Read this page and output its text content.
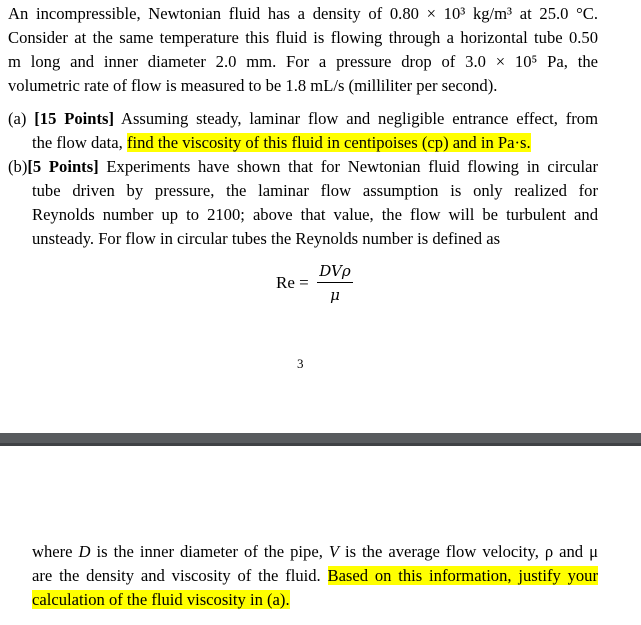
An incompressible, Newtonian fluid has a density of 0.80 × 10³ kg/m³ at 25.0 °C.
Consider at the same temperature this fluid is flowing through a horizontal tube 0.50
m long and inner diameter 2.0 mm. For a pressure drop of 3.0 × 10⁵ Pa, the
volumetric rate of flow is measured to be 1.8 mL/s (milliliter per second).
(a) [15 Points] Assuming steady, laminar flow and negligible entrance effect, from
the flow data, find the viscosity of this fluid in centipoises (cp) and in Pa·s.
(b)[5 Points] Experiments have shown that for Newtonian fluid flowing in circular
tube driven by pressure, the laminar flow assumption is only realized for
Reynolds number up to 2100; above that value, the flow will be turbulent and
unsteady. For flow in circular tubes the Reynolds number is defined as
Re =
DVρ
μ
3
where D is the inner diameter of the pipe, V is the average flow velocity, ρ and μ
are the density and viscosity of the fluid. Based on this information, justify your
calculation of the fluid viscosity in (a).
